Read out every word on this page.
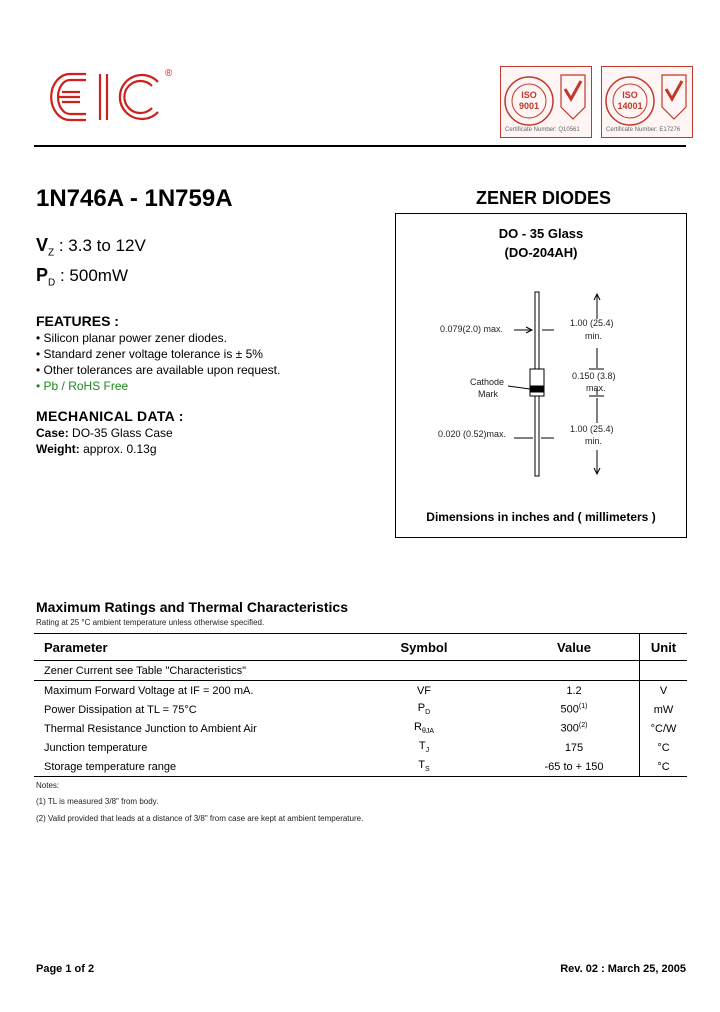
®
ISO
9001
Certificate Number: Q10561
ISO
14001
Certificate Number: E17276
1N746A - 1N759A	ZENER DIODES
$V_Z$ : 3.3 to 12V
$P_D$ : 500mW
FEATURES :
• Silicon planar power zener diodes.
• Standard zener voltage tolerance is ± 5%
• Other tolerances are available upon request.
• Pb / RoHS Free
MECHANICAL DATA :
Case: DO-35 Glass Case
Weight: approx. 0.13g
DO - 35 Glass
(DO-204AH)
0.079(2.0) max.
1.00 (25.4)
min.
Cathode
Mark
0.150 (3.8)
max.
0.020 (0.52)max.	1.00 (25.4)
min.
Dimensions in inches and ( millimeters )
Maximum Ratings and Thermal Characteristics
Rating at 25 °C ambient temperature unless otherwise specified.
Parameter	Symbol	Value	Unit
Zener Current see Table "Characteristics"			
Maximum Forward Voltage at IF = 200 mA.	VF	1.2	V
Power Dissipation at TL = 75°C	$P_D$	500$^{(1)}$	mW
Thermal Resistance Junction to Ambient Air	$R_{\theta JA}$	300$^{(2)}$	°C/W
Junction temperature	$T_J$	175	°C
Storage temperature range	$T_S$	-65 to + 150	°C
Notes:
(1) TL is measured 3/8" from body.
(2) Valid provided that leads at a distance of 3/8" from case are kept at ambient temperature.
Page 1 of 2	Rev. 02 : March 25, 2005
